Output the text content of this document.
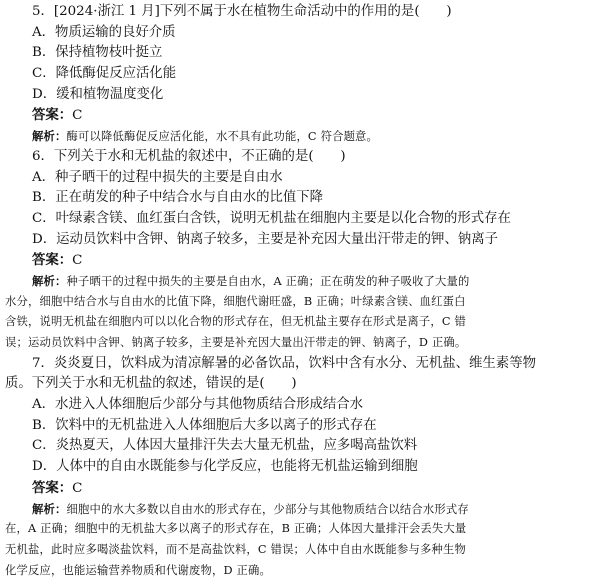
5．[2024·浙江 1 月]下列不属于水在植物生命活动中的作用的是(　　)
A．物质运输的良好介质
B．保持植物枝叶挺立
C．降低酶促反应活化能
D．缓和植物温度变化
答案：C
解析：酶可以降低酶促反应活化能，水不具有此功能，C 符合题意。
6．下列关于水和无机盐的叙述中，不正确的是(　　)
A．种子晒干的过程中损失的主要是自由水
B．正在萌发的种子中结合水与自由水的比值下降
C．叶绿素含镁、血红蛋白含铁，说明无机盐在细胞内主要是以化合物的形式存在
D．运动员饮料中含钾、钠离子较多，主要是补充因大量出汗带走的钾、钠离子
答案：C
解析：种子晒干的过程中损失的主要是自由水，A 正确；正在萌发的种子吸收了大量的
水分，细胞中结合水与自由水的比值下降，细胞代谢旺盛，B 正确；叶绿素含镁、血红蛋白
含铁，说明无机盐在细胞内可以以化合物的形式存在，但无机盐主要存在形式是离子，C 错
误；运动员饮料中含钾、钠离子较多，主要是补充因大量出汗带走的钾、钠离子，D 正确。
7．炎炎夏日，饮料成为清凉解暑的必备饮品，饮料中含有水分、无机盐、维生素等物
质。下列关于水和无机盐的叙述，错误的是(　　)
A．水进入人体细胞后少部分与其他物质结合形成结合水
B．饮料中的无机盐进入人体细胞后大多以离子的形式存在
C．炎热夏天，人体因大量排汗失去大量无机盐，应多喝高盐饮料
D．人体中的自由水既能参与化学反应，也能将无机盐运输到细胞
答案：C
解析：细胞中的水大多数以自由水的形式存在，少部分与其他物质结合以结合水形式存
在，A 正确；细胞中的无机盐大多以离子的形式存在，B 正确；人体因大量排汗会丢失大量
无机盐，此时应多喝淡盐饮料，而不是高盐饮料，C 错误；人体中自由水既能参与多种生物
化学反应，也能运输营养物质和代谢废物，D 正确。
